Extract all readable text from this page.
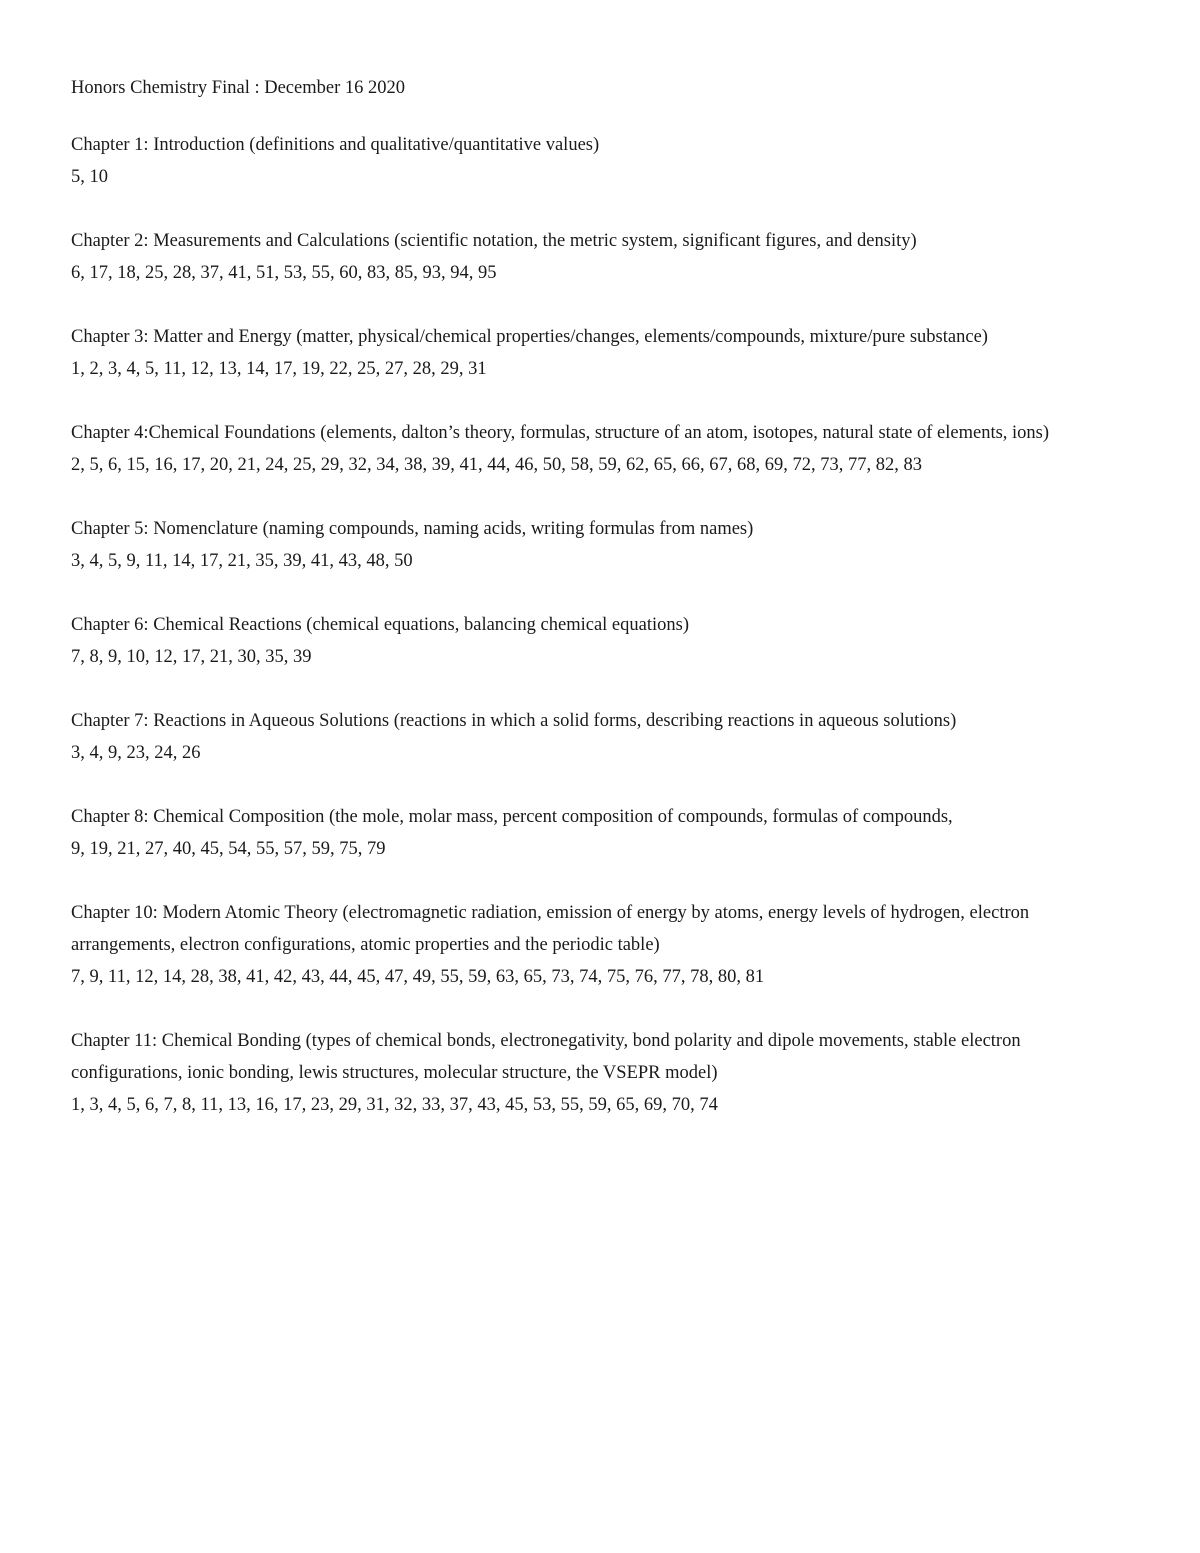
Honors Chemistry Final : December 16 2020

Chapter 1: Introduction (definitions and qualitative/quantitative values)

5, 10

Chapter 2: Measurements and Calculations (scientific notation, the metric system, significant figures, and density)

6, 17, 18, 25, 28, 37, 41, 51, 53, 55, 60, 83, 85, 93, 94, 95

Chapter 3: Matter and Energy (matter, physical/chemical properties/changes, elements/compounds, mixture/pure substance)

1, 2, 3, 4, 5, 11, 12, 13, 14, 17, 19, 22, 25, 27, 28, 29, 31

Chapter 4:Chemical Foundations (elements, dalton’s theory, formulas, structure of an atom, isotopes, natural state of elements, ions)

2, 5, 6, 15, 16, 17, 20, 21, 24, 25, 29, 32, 34, 38, 39, 41, 44, 46, 50, 58, 59, 62, 65, 66, 67, 68, 69, 72, 73, 77, 82, 83

Chapter 5: Nomenclature (naming compounds, naming acids, writing formulas from names)

3, 4, 5, 9, 11, 14, 17, 21, 35, 39, 41, 43, 48, 50

Chapter 6: Chemical Reactions (chemical equations, balancing chemical equations)

7, 8, 9, 10, 12, 17, 21, 30, 35, 39

Chapter 7: Reactions in Aqueous Solutions (reactions in which a solid forms, describing reactions in aqueous solutions)

3, 4, 9, 23, 24, 26

Chapter 8: Chemical Composition (the mole, molar mass, percent composition of compounds, formulas of compounds,

9, 19, 21, 27, 40, 45, 54, 55, 57, 59, 75, 79

Chapter 10: Modern Atomic Theory (electromagnetic radiation, emission of energy by atoms, energy levels of hydrogen, electron arrangements, electron configurations, atomic properties and the periodic table)

7, 9, 11, 12, 14, 28, 38, 41, 42, 43, 44, 45, 47, 49, 55, 59, 63, 65, 73, 74, 75, 76, 77, 78, 80, 81

Chapter 11: Chemical Bonding (types of chemical bonds, electronegativity, bond polarity and dipole movements, stable electron configurations, ionic bonding, lewis structures, molecular structure, the VSEPR model)

1, 3, 4, 5, 6, 7, 8, 11, 13, 16, 17, 23, 29, 31, 32, 33, 37, 43, 45, 53, 55, 59, 65, 69, 70, 74
